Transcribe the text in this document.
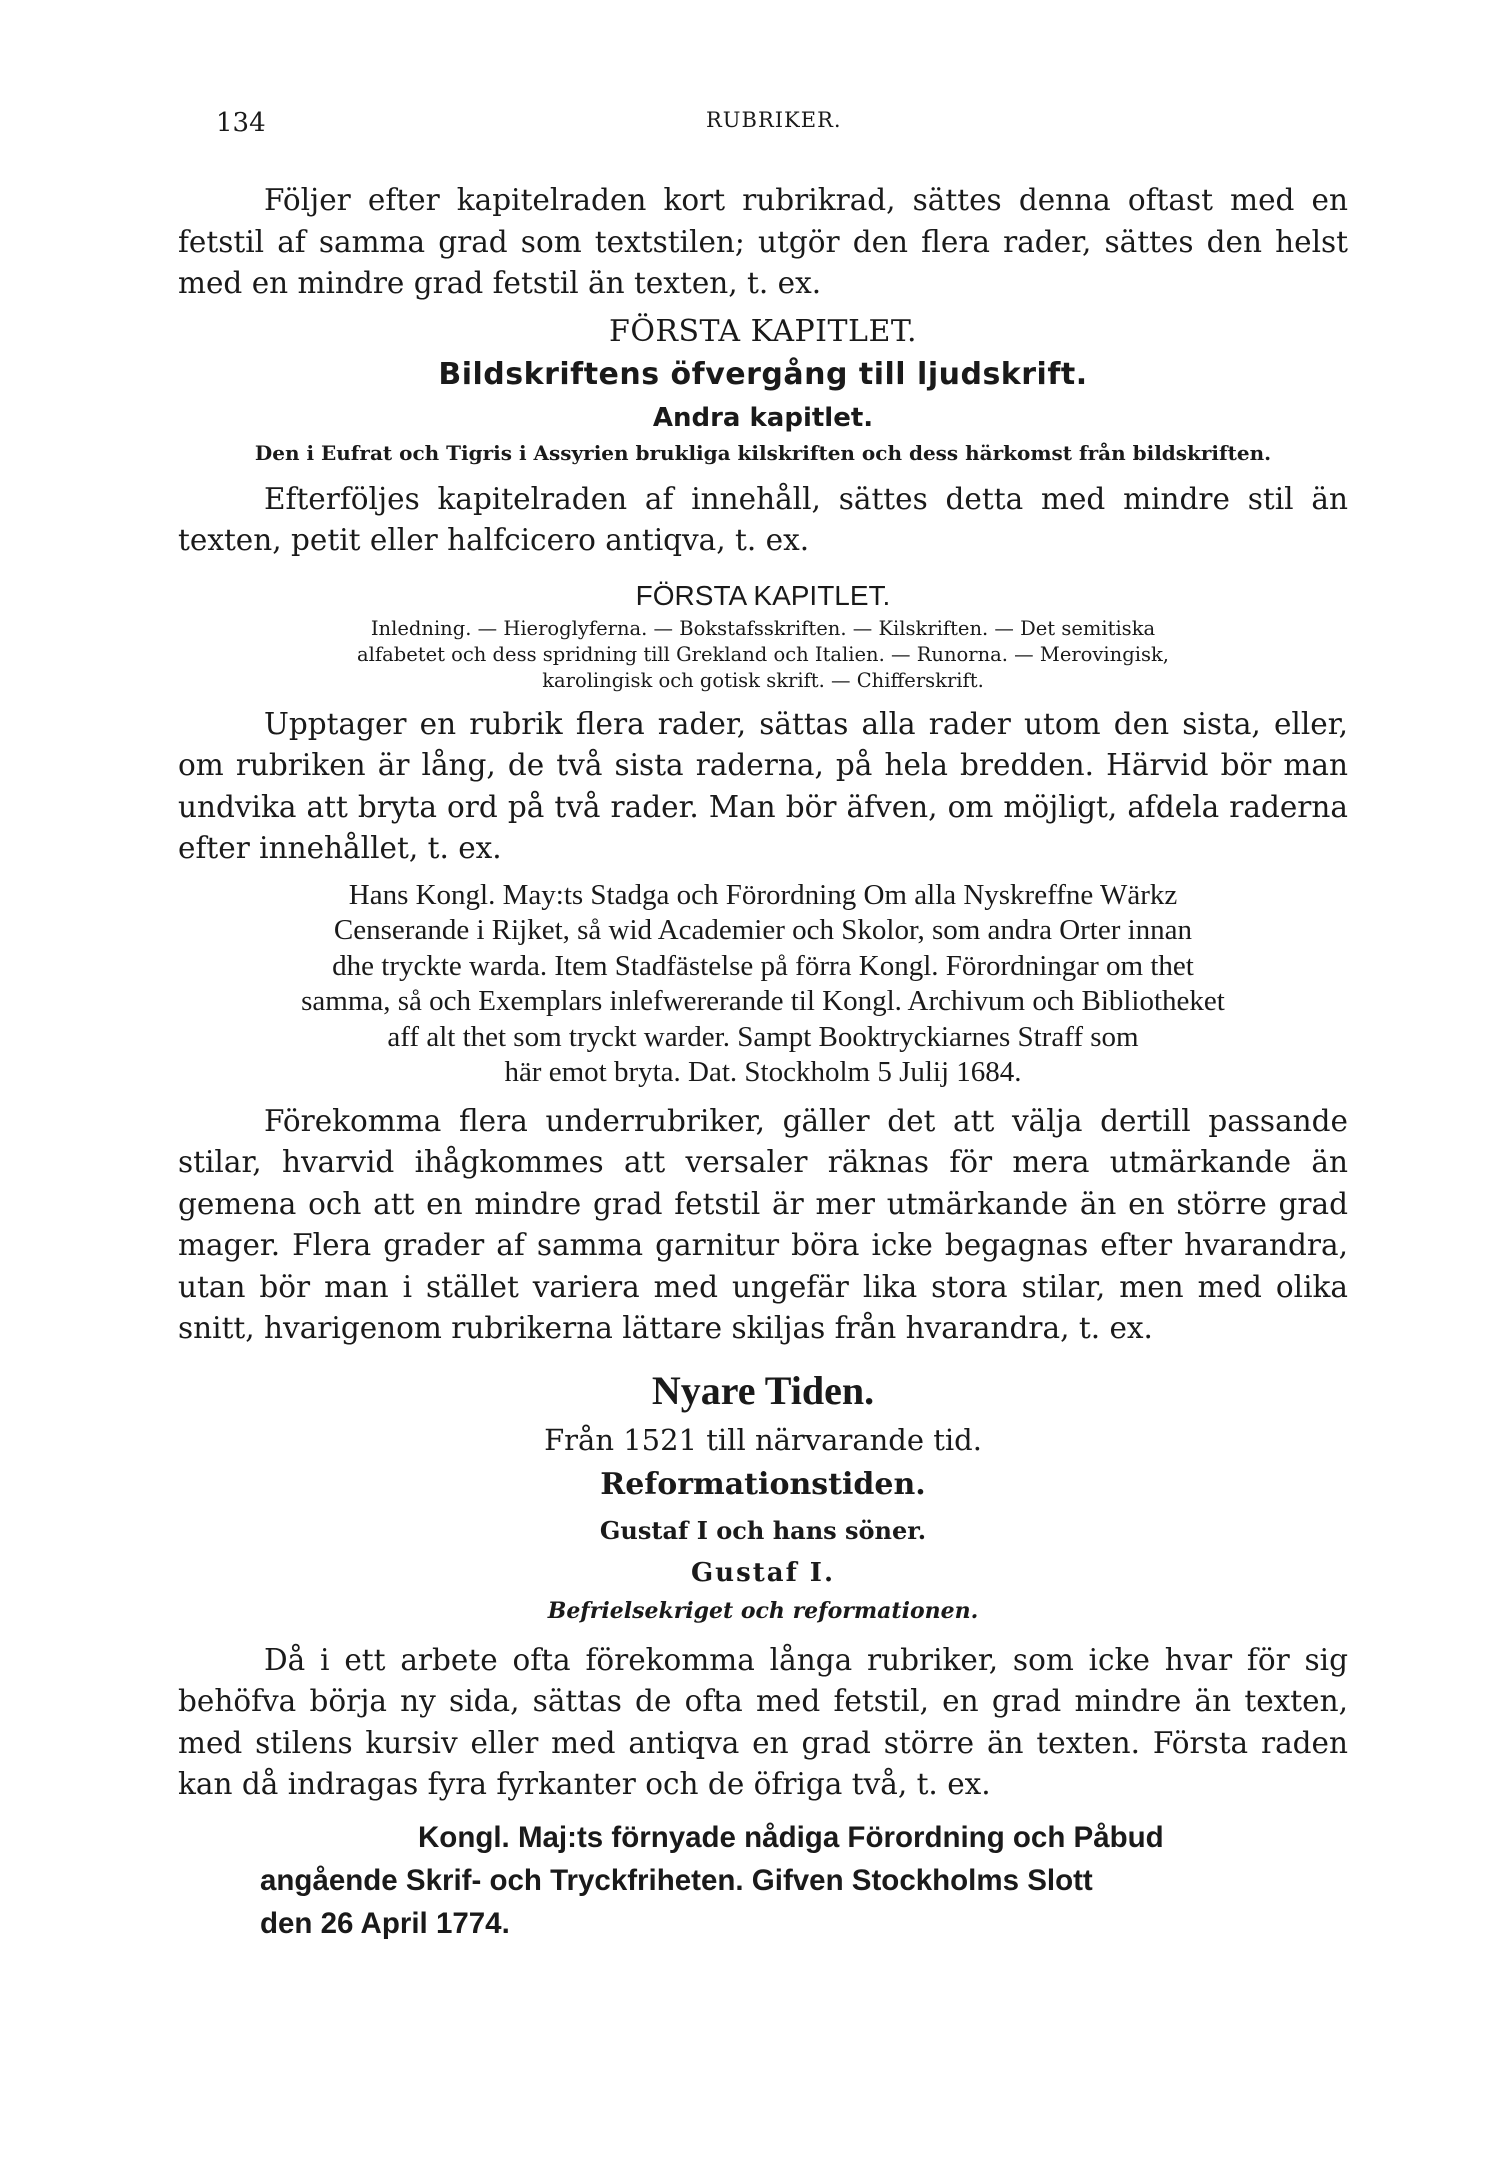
134	RUBRIKER.

Följer efter kapitelraden kort rubrikrad, sättes denna oftast med en fetstil af samma grad som textstilen; utgör den flera rader, sättes den helst med en mindre grad fetstil än texten, t. ex.

FÖRSTA KAPITLET.

Bildskriftens öfvergång till ljudskrift.

Andra kapitlet.

Den i Eufrat och Tigris i Assyrien brukliga kilskriften och dess härkomst från bildskriften.

Efterföljes kapitelraden af innehåll, sättes detta med mindre stil än texten, petit eller halfcicero antiqva, t. ex.

FÖRSTA KAPITLET.

Inledning. — Hieroglyferna. — Bokstafsskriften. — Kilskriften. — Det semitiska
alfabetet och dess spridning till Grekland och Italien. — Runorna. — Merovingisk,
karolingisk och gotisk skrift. — Chifferskrift.

Upptager en rubrik flera rader, sättas alla rader utom den sista, eller, om rubriken är lång, de två sista raderna, på hela bredden. Härvid bör man undvika att bryta ord på två rader. Man bör äfven, om möjligt, afdela raderna efter innehållet, t. ex.

Hans Kongl. May:ts Stadga och Förordning Om alla Nyskreffne Wärkz
Censerande i Rijket, så wid Academier och Skolor, som andra Orter innan
dhe tryckte warda. Item Stadfästelse på förra Kongl. Förordningar om thet
samma, så och Exemplars inlefwererande til Kongl. Archivum och Bibliotheket
aff alt thet som tryckt warder. Sampt Booktryckiarnes Straff som
här emot bryta. Dat. Stockholm 5 Julij 1684.

Förekomma flera underrubriker, gäller det att välja dertill passande stilar, hvarvid ihågkommes att versaler räknas för mera utmärkande än gemena och att en mindre grad fetstil är mer utmärkande än en större grad mager. Flera grader af samma garnitur böra icke begagnas efter hvarandra, utan bör man i stället variera med ungefär lika stora stilar, men med olika snitt, hvarigenom rubrikerna lättare skiljas från hvarandra, t. ex.

Nyare Tiden.

Från 1521 till närvarande tid.

Reformationstiden.

Gustaf I och hans söner.

Gustaf I.

Befrielsekriget och reformationen.

Då i ett arbete ofta förekomma långa rubriker, som icke hvar för sig behöfva börja ny sida, sättas de ofta med fetstil, en grad mindre än texten, med stilens kursiv eller med antiqva en grad större än texten. Första raden kan då indragas fyra fyrkanter och de öfriga två, t. ex.

Kongl. Maj:ts förnyade nådiga Förordning och Påbud
angående Skrif- och Tryckfriheten. Gifven Stockholms Slott
den 26 April 1774.
